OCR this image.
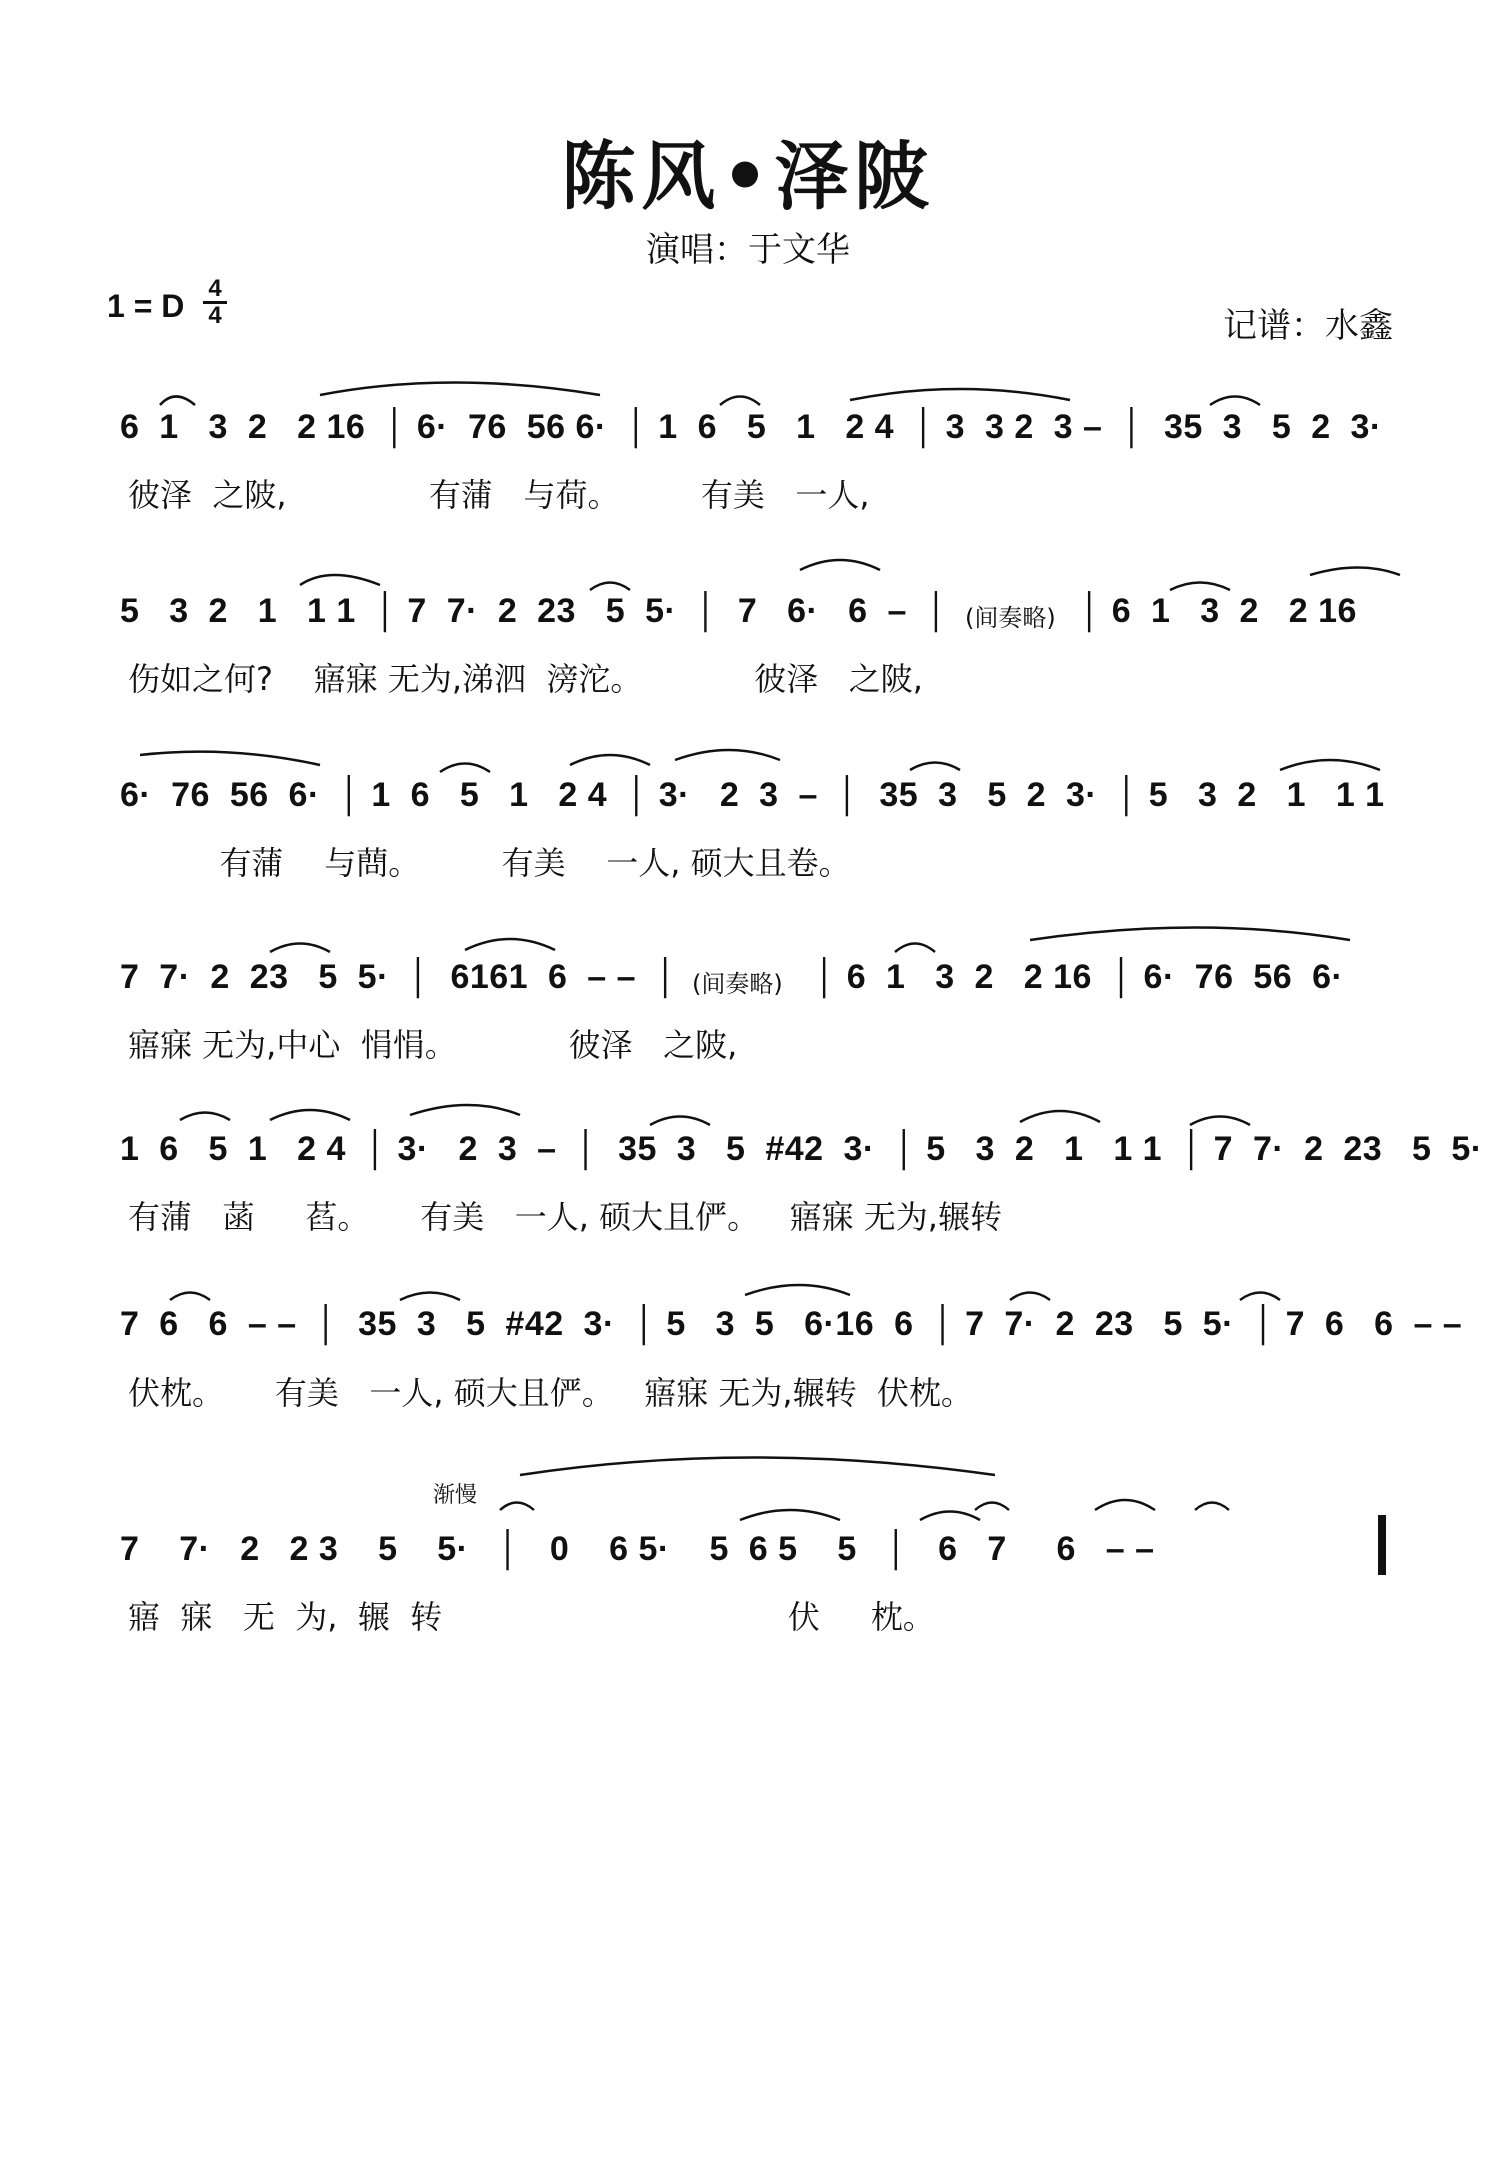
陈风•泽陂
演唱：于文华
1 = D 4
4	记谱：水鑫
6  1   3  2   2 16  │ 6·  76  56 6·  │ 1  6   5   1   2 4  │ 3  3 2  3 –  │  35  3   5  2  3·
彼泽  之陂,              有蒲   与荷。        有美   一人,
5   3  2   1   1 1  │ 7  7·  2  23   5  5·  │  7   6·   6  –  │ (间奏略) │ 6  1   3  2   2 16
伤如之何?    寤寐 无为,涕泗  滂沱。           彼泽   之陂,
6·  76  56  6·  │ 1  6   5   1   2 4  │ 3·   2  3  –  │  35  3   5  2  3·  │ 5   3  2   1   1 1
有蒲    与蔄。        有美    一人, 硕大且卷。
7  7·  2  23   5  5·  │  6161  6  – –  │ (间奏略) │ 6  1   3  2   2 16  │ 6·  76  56  6·
寤寐 无为,中心  悁悁。           彼泽   之陂,
1  6   5  1   2 4  │ 3·   2  3  –  │  35  3   5  #42  3·  │ 5   3  2   1   1 1  │ 7  7·  2  23   5  5·
有蒲   菡     萏。     有美   一人, 硕大且俨。   寤寐 无为,辗转
7  6   6  – –  │  35  3   5  #42  3·  │ 5   3  5   6·16  6  │ 7  7·  2  23   5  5·  │ 7  6   6  – –
伏枕。     有美   一人, 硕大且俨。   寤寐 无为,辗转  伏枕。
渐慢
7    7·   2   2 3    5    5·   │   0    6 5·    5  6 5    5   │   6   7     6   – –
寤  寐   无  为,  辗  转                                  伏     枕。
